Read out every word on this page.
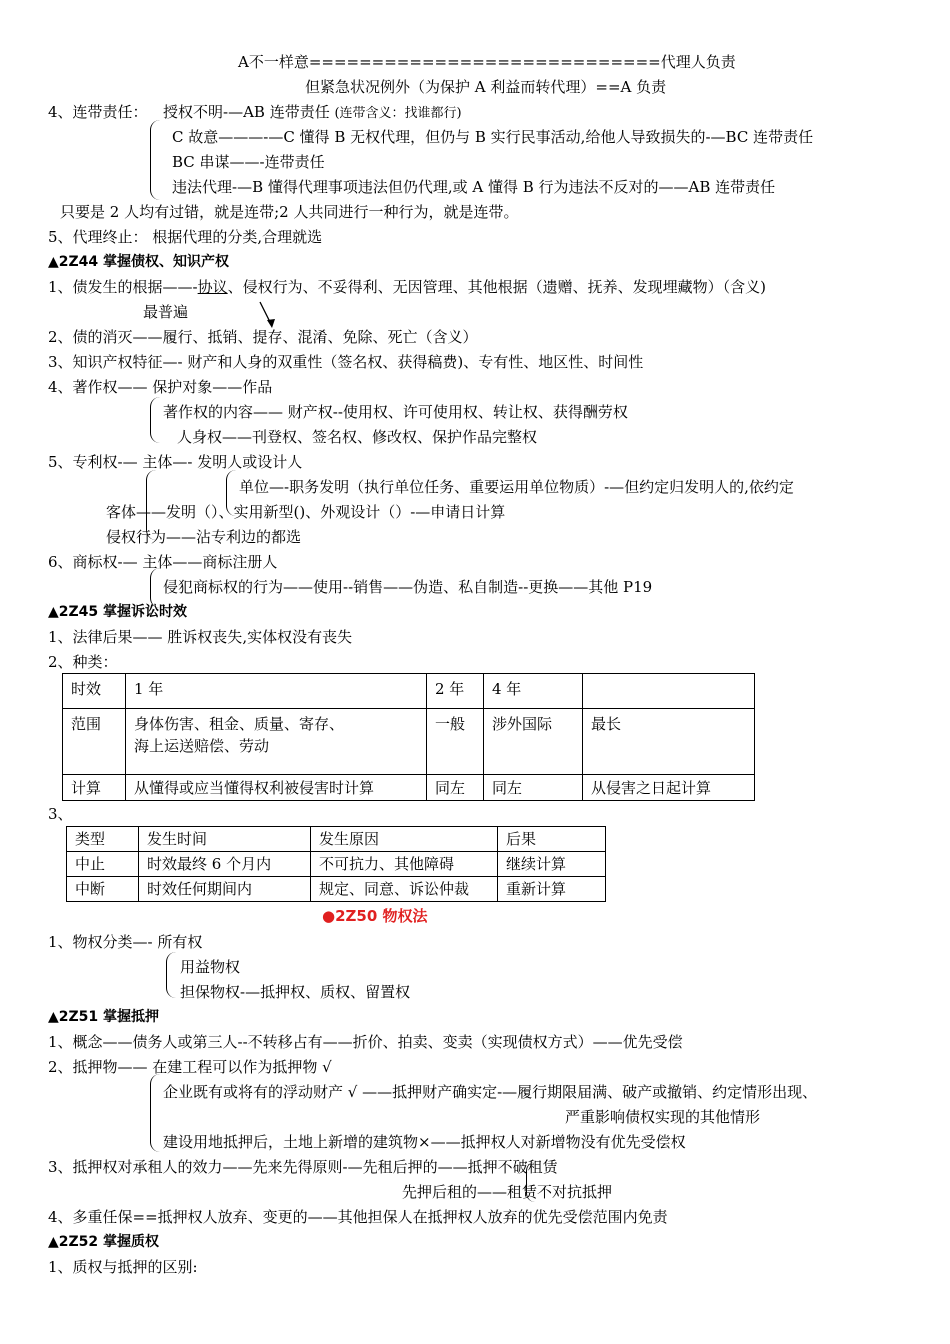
A不一样意============================代理人负责
但紧急状况例外（为保护 A 利益而转代理）==A 负责
4、连带责任： 授权不明-—AB 连带责任 (连带含义：找谁都行)
C 故意———-—C 懂得 B 无权代理，但仍与 B 实行民事活动,给他人导致损失的-—BC 连带责任
BC 串谋——-连带责任
违法代理-—B 懂得代理事项违法但仍代理,或 A 懂得 B 行为违法不反对的——AB 连带责任
只要是 2 人均有过错，就是连带;2 人共同进行一种行为，就是连带。
5、代理终止： 根据代理的分类,合理就选
▲2Z44 掌握债权、知识产权
1、债发生的根据——-协议、侵权行为、不妥得利、无因管理、其他根据（遗赠、抚养、发现埋藏物）（含义)
最普遍
2、债的消灭——履行、抵销、提存、混淆、免除、死亡（含义）
3、知识产权特征—- 财产和人身的双重性（签名权、获得稿费)、专有性、地区性、时间性
4、著作权—— 保护对象——作品
著作权的内容—— 财产权--使用权、许可使用权、转让权、获得酬劳权
人身权——刊登权、签名权、修改权、保护作品完整权
5、专利权-— 主体—- 发明人或设计人
单位—-职务发明（执行单位任务、重要运用单位物质）-—但约定归发明人的,依约定
客体——发明（）、实用新型()、外观设计（）-—申请日计算
侵权行为——沾专利边的都选
6、商标权-— 主体——商标注册人
侵犯商标权的行为——使用--销售——伪造、私自制造--更换——其他 P19
▲2Z45 掌握诉讼时效
1、法律后果—— 胜诉权丧失,实体权没有丧失
2、种类：
时效	1 年	2 年	4 年	
范围	身体伤害、租金、质量、寄存、
海上运送赔偿、劳动	一般	涉外国际	最长
计算	从懂得或应当懂得权利被侵害时计算	同左	同左	从侵害之日起计算
3、
类型	发生时间	发生原因	后果
中止	时效最终 6 个月内	不可抗力、其他障碍	继续计算
中断	时效任何期间内	规定、同意、诉讼仲裁	重新计算
●2Z50 物权法
1、物权分类—- 所有权
用益物权
担保物权-—抵押权、质权、留置权
▲2Z51 掌握抵押
1、概念——债务人或第三人--不转移占有——折价、拍卖、变卖（实现债权方式）——优先受偿
2、抵押物—— 在建工程可以作为抵押物 √
企业既有或将有的浮动财产 √ ——抵押财产确实定-—履行期限届满、破产或撤销、约定情形出现、
严重影响债权实现的其他情形
建设用地抵押后，土地上新增的建筑物×——抵押权人对新增物没有优先受偿权
3、抵押权对承租人的效力——先来先得原则-—先租后押的——抵押不破租赁
先押后租的——租赁不对抗抵押
4、多重任保==抵押权人放弃、变更的——其他担保人在抵押权人放弃的优先受偿范围内免责
▲2Z52 掌握质权
1、质权与抵押的区别:
